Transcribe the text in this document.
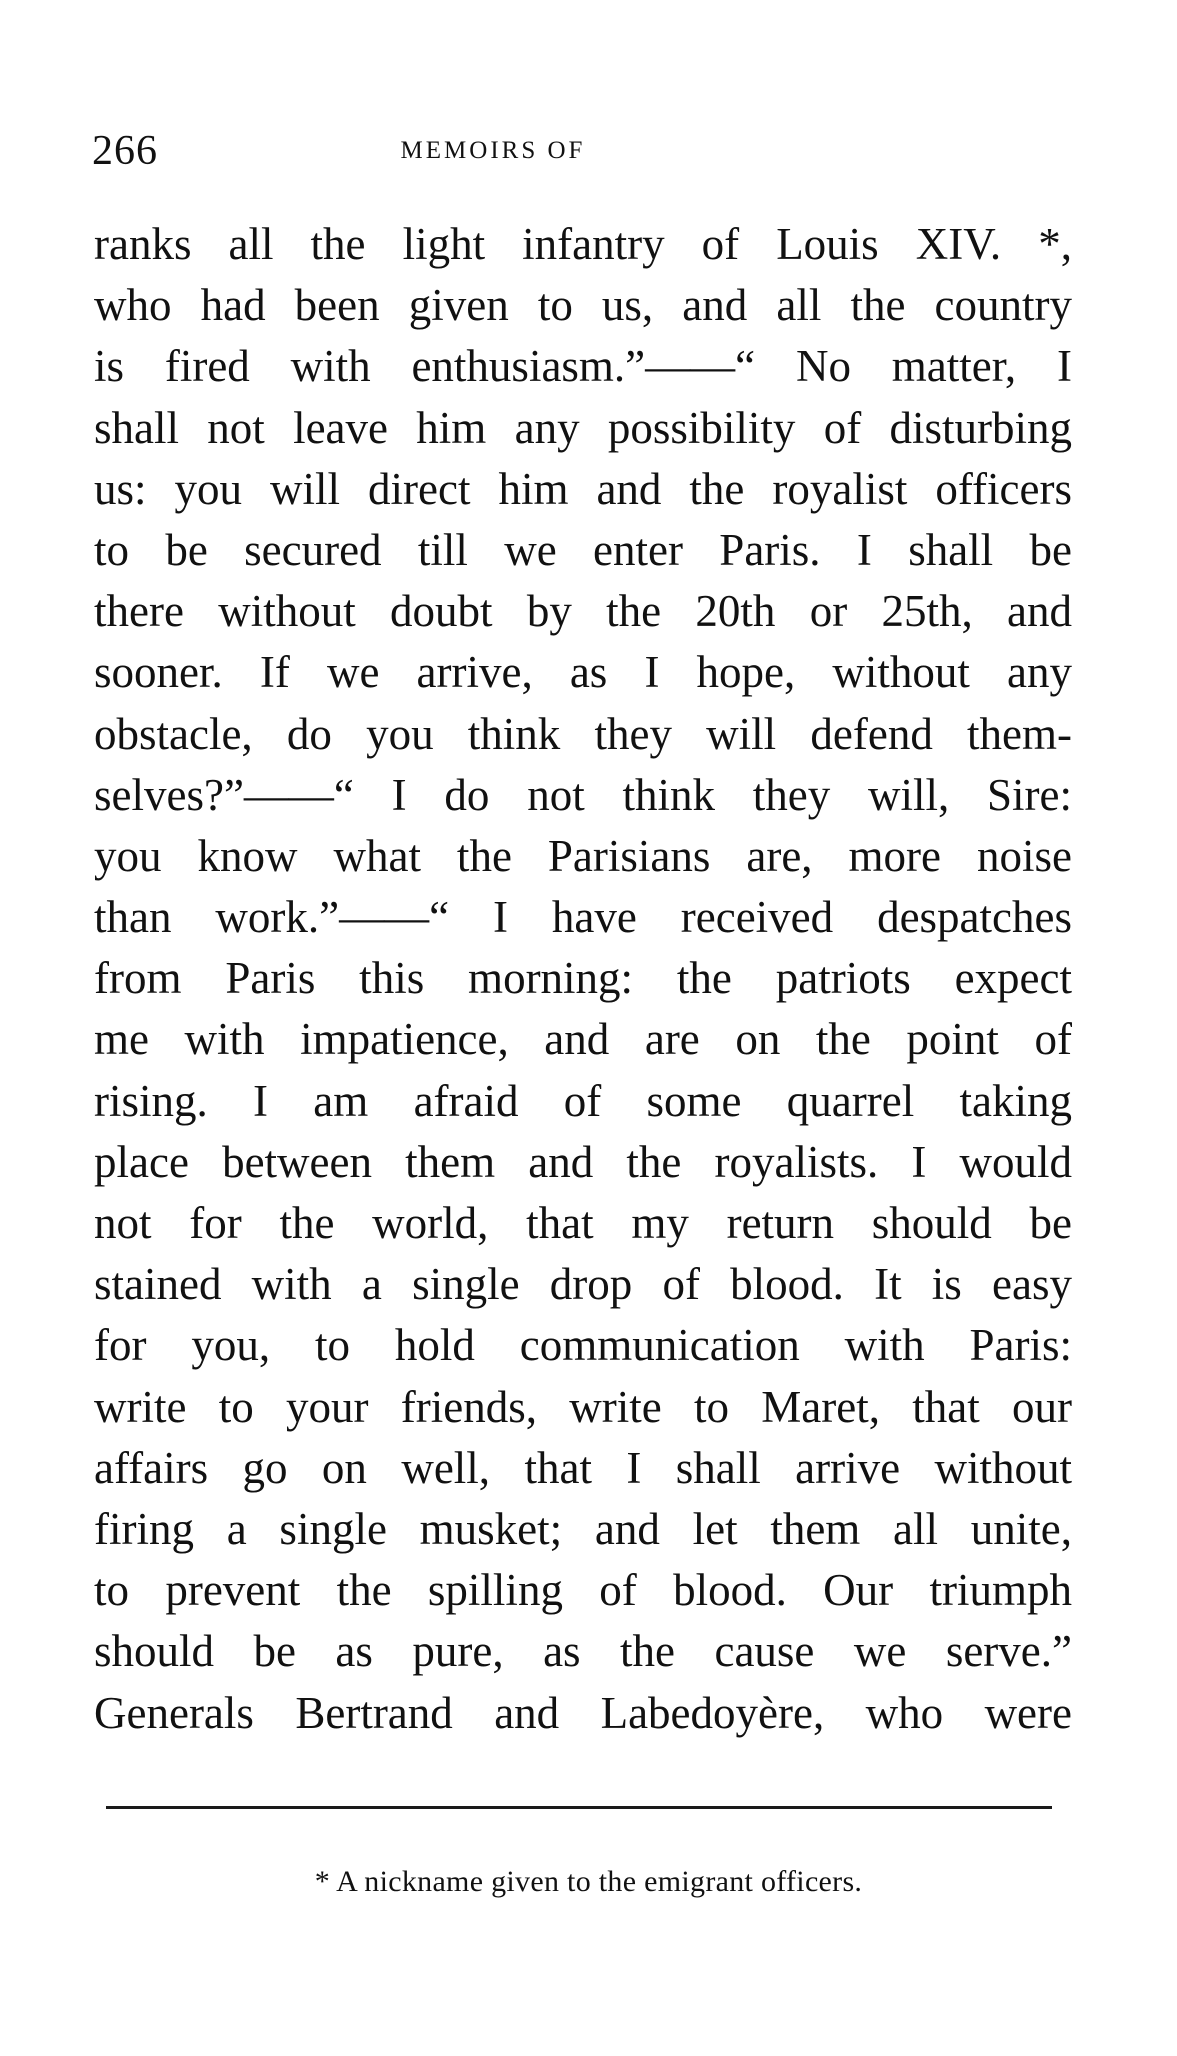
266	MEMOIRS OF
ranks all the light infantry of Louis XIV. *,
who had been given to us, and all the country
is fired with enthusiasm.”——“ No matter, I
shall not leave him any possibility of disturbing
us: you will direct him and the royalist officers
to be secured till we enter Paris. I shall be
there without doubt by the 20th or 25th, and
sooner. If we arrive, as I hope, without any
obstacle, do you think they will defend them-
selves?”——“ I do not think they will, Sire:
you know what the Parisians are, more noise
than work.”——“ I have received despatches
from Paris this morning: the patriots expect
me with impatience, and are on the point of
rising. I am afraid of some quarrel taking
place between them and the royalists. I would
not for the world, that my return should be
stained with a single drop of blood. It is easy
for you, to hold communication with Paris:
write to your friends, write to Maret, that our
affairs go on well, that I shall arrive without
firing a single musket; and let them all unite,
to prevent the spilling of blood. Our triumph
should be as pure, as the cause we serve.”
Generals Bertrand and Labedoyère, who were
* A nickname given to the emigrant officers.
